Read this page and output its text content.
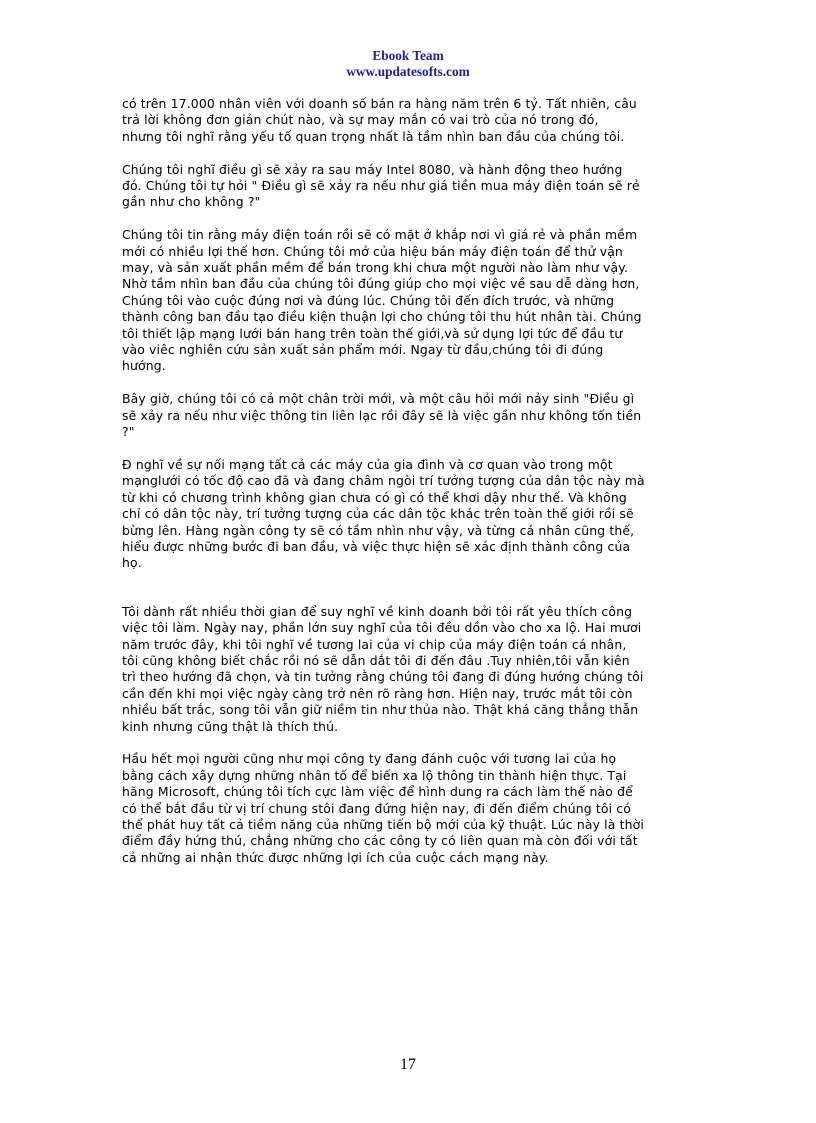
Ebook Team
www.updatesofts.com

có trên 17.000 nhân viên với doanh số bán ra hàng năm trên 6 tỷ. Tất nhiên, câu
trả lời không đơn giản chút nào, và sự may mắn có vai trò của nó trong đó,
nhưng tôi nghĩ rằng yếu tố quan trọng nhất là tầm nhìn ban đầu của chúng tôi.

Chúng tôi nghĩ điều gì sẽ xảy ra sau máy Intel 8080, và hành động theo hướng
đó. Chúng tôi tự hỏi " Điều gì sẽ xảy ra nếu như giá tiền mua máy điện toán sẽ rẻ
gần như cho không ?"

Chúng tôi tin rằng máy điện toán rồi sẽ có mặt ở khắp nơi vì giá rẻ và phần mềm
mới có nhiều lợi thế hơn. Chúng tôi mở của hiệu bán máy điện toán để thử vận
may, và sản xuất phần mềm để bán trong khi chưa một người nào làm như vậy.
Nhờ tầm nhìn ban đầu của chúng tôi đúng giúp cho mọi việc về sau dễ dàng hơn,
Chúng tôi vào cuộc đúng nơi và đúng lúc. Chúng tôi đến đích trước, và những
thành công ban đầu tạo điều kiện thuận lợi cho chúng tôi thu hút nhân tài. Chúng
tôi thiết lập mạng lưới bán hang trên toàn thế giới,và sử dụng lợi tức để đầu tư
vào viêc nghiên cứu sản xuất sản phẩm mới. Ngay từ đầu,chúng tôi đi đúng
hướng.

Bây giờ, chúng tôi có cả một chân trời mới, và một câu hỏi mới nảy sinh "Điều gì
sẽ xảy ra nếu như việc thông tin liên lạc rồi đây sẽ là việc gần như không tốn tiền
?"

Đ nghĩ về sự nối mạng tất cả các máy của gia đình và cơ quan vào trong một
mạnglưới có tốc độ cao đã và đang châm ngòi trí tưởng tượng của dân tộc này mà
từ khi có chương trình không gian chưa có gì có thể khơi dậy như thế. Và không
chỉ có dân tộc này, trí tưởng tượng của các dân tộc khác trên toàn thế giới rồi sẽ
bừng lên. Hàng ngàn công ty sẽ có tầm nhìn như vậy, và từng cá nhân cũng thế,
hiểu được những bước đi ban đầu, và việc thực hiện sẽ xác định thành công của
họ.

Tôi dành rất nhiều thời gian để suy nghĩ về kinh doanh bởi tôi rất yêu thích công
việc tôi làm. Ngày nay, phần lớn suy nghĩ của tôi đều dồn vào cho xa lộ. Hai mươi
năm trước đây, khi tôi nghĩ về tương lai của vi chip của máy điện toán cá nhân,
tôi cũng không biết chắc rồi nó sẽ dẫn dắt tôi đi đến đâu .Tuy nhiên,tôi vẫn kiên
trì theo hướng đã chọn, và tin tưởng rằng chúng tôi đang đi đúng hướng chúng tôi
cần đến khi mọi việc ngày càng trở nên rõ ràng hơn. Hiện nay, trước mắt tôi còn
nhiều bất trắc, song tôi vẫn giữ niềm tin như thủa nào. Thật khá căng thẳng thẫn
kinh nhưng cũng thật là thích thú.

Hầu hết mọi người cũng như mọi công ty đang đánh cuộc với tương lai của họ
bằng cách xây dựng những nhân tố để biến xa lộ thông tin thành hiện thực. Tại
hãng Microsoft, chúng tôi tích cực làm việc để hình dung ra cách làm thế nào để
có thể bắt đầu từ vị trí chung stôi đang đứng hiện nay, đi đến điểm chúng tôi có
thể phát huy tất cả tiềm năng của những tiến bộ mới của kỹ thuật. Lúc này là thời
điểm đầy hứng thú, chẳng những cho các công ty có liên quan mà còn đối với tất
cả những ai nhận thức được những lợi ích của cuộc cách mạng này.

17
